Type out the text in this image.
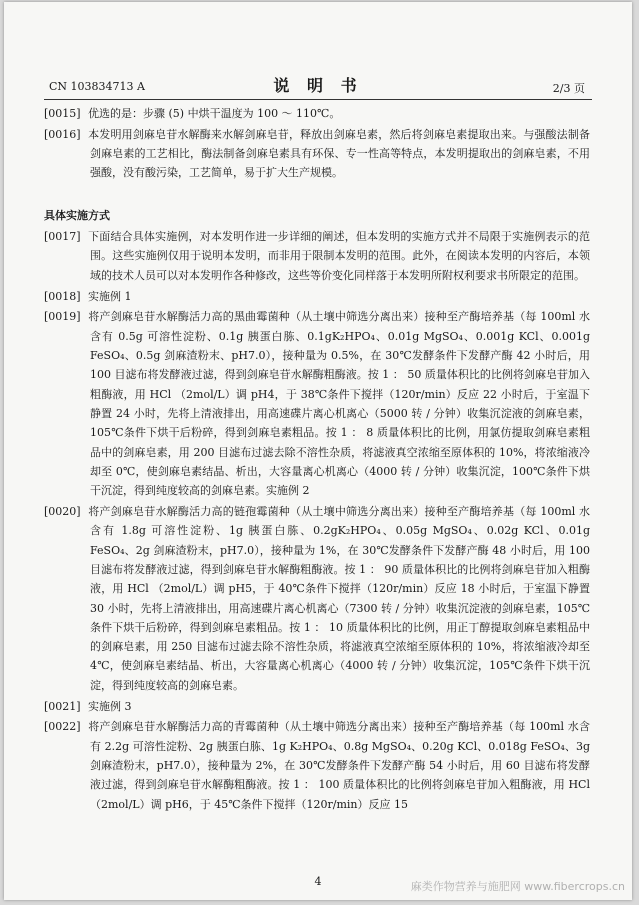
CN 103834713 A	说 明 书	2/3 页

[0015] 优选的是：步骤 (5) 中烘干温度为 100 ～ 110℃。

[0016] 本发明用剑麻皂苷水解酶来水解剑麻皂苷，释放出剑麻皂素，然后将剑麻皂素提取出来。与强酸法制备剑麻皂素的工艺相比，酶法制备剑麻皂素具有环保、专一性高等特点，本发明提取出的剑麻皂素，不用强酸，没有酸污染，工艺简单，易于扩大生产规模。

具体实施方式

[0017] 下面结合具体实施例，对本发明作进一步详细的阐述，但本发明的实施方式并不局限于实施例表示的范围。这些实施例仅用于说明本发明，而非用于限制本发明的范围。此外，在阅读本发明的内容后，本领域的技术人员可以对本发明作各种修改，这些等价变化同样落于本发明所附权利要求书所限定的范围。

[0018] 实施例 1

[0019] 将产剑麻皂苷水解酶活力高的黑曲霉菌种（从土壤中筛选分离出来）接种至产酶培养基（每 100ml 水含有 0.5g 可溶性淀粉、0.1g 胰蛋白胨、0.1gK₂HPO₄、0.01g MgSO₄、0.001g KCl、0.001g FeSO₄、0.5g 剑麻渣粉末、pH7.0），接种量为 0.5%，在 30℃发酵条件下发酵产酶 42 小时后，用 100 目滤布将发酵液过滤，得到剑麻皂苷水解酶粗酶液。按 1 ： 50 质量体积比的比例将剑麻皂苷加入粗酶液，用 HCl （2mol/L）调 pH4，于 38℃条件下搅拌（120r/min）反应 22 小时后，于室温下静置 24 小时，先将上清液排出，用高速碟片离心机离心（5000 转 / 分钟）收集沉淀液的剑麻皂素，105℃条件下烘干后粉碎，得到剑麻皂素粗品。按 1 ： 8 质量体积比的比例，用氯仿提取剑麻皂素粗品中的剑麻皂素，用 200 目滤布过滤去除不溶性杂质，将滤液真空浓缩至原体积的 10%，将浓缩液冷却至 0℃，使剑麻皂素结晶、析出，大容量离心机离心（4000 转 / 分钟）收集沉淀，100℃条件下烘干沉淀，得到纯度较高的剑麻皂素。实施例 2

[0020] 将产剑麻皂苷水解酶活力高的链孢霉菌种（从土壤中筛选分离出来）接种至产酶培养基（每 100ml 水含有 1.8g 可溶性淀粉、1g 胰蛋白胨、0.2gK₂HPO₄、0.05g MgSO₄、0.02g KCl、0.01g FeSO₄、2g 剑麻渣粉末，pH7.0），接种量为 1%，在 30℃发酵条件下发酵产酶 48 小时后，用 100 目滤布将发酵液过滤，得到剑麻皂苷水解酶粗酶液。按 1 ： 90 质量体积比的比例将剑麻皂苷加入粗酶液，用 HCl （2mol/L）调 pH5，于 40℃条件下搅拌（120r/min）反应 18 小时后，于室温下静置 30 小时，先将上清液排出，用高速碟片离心机离心（7300 转 / 分钟）收集沉淀液的剑麻皂素，105℃条件下烘干后粉碎，得到剑麻皂素粗品。按 1 ： 10 质量体积比的比例，用正丁醇提取剑麻皂素粗品中的剑麻皂素，用 250 目滤布过滤去除不溶性杂质，将滤液真空浓缩至原体积的 10%，将浓缩液冷却至 4℃，使剑麻皂素结晶、析出，大容量离心机离心（4000 转 / 分钟）收集沉淀，105℃条件下烘干沉淀，得到纯度较高的剑麻皂素。

[0021] 实施例 3

[0022] 将产剑麻皂苷水解酶活力高的青霉菌种（从土壤中筛选分离出来）接种至产酶培养基（每 100ml 水含有 2.2g 可溶性淀粉、2g 胰蛋白胨、1g K₂HPO₄、0.8g MgSO₄、0.20g KCl、0.018g FeSO₄、3g 剑麻渣粉末，pH7.0），接种量为 2%，在 30℃发酵条件下发酵产酶 54 小时后，用 60 目滤布将发酵液过滤，得到剑麻皂苷水解酶粗酶液。按 1 ： 100 质量体积比的比例将剑麻皂苷加入粗酶液，用 HCl（2mol/L）调 pH6，于 45℃条件下搅拌（120r/min）反应 15

4	麻类作物营养与施肥网 www.fibercrops.cn
